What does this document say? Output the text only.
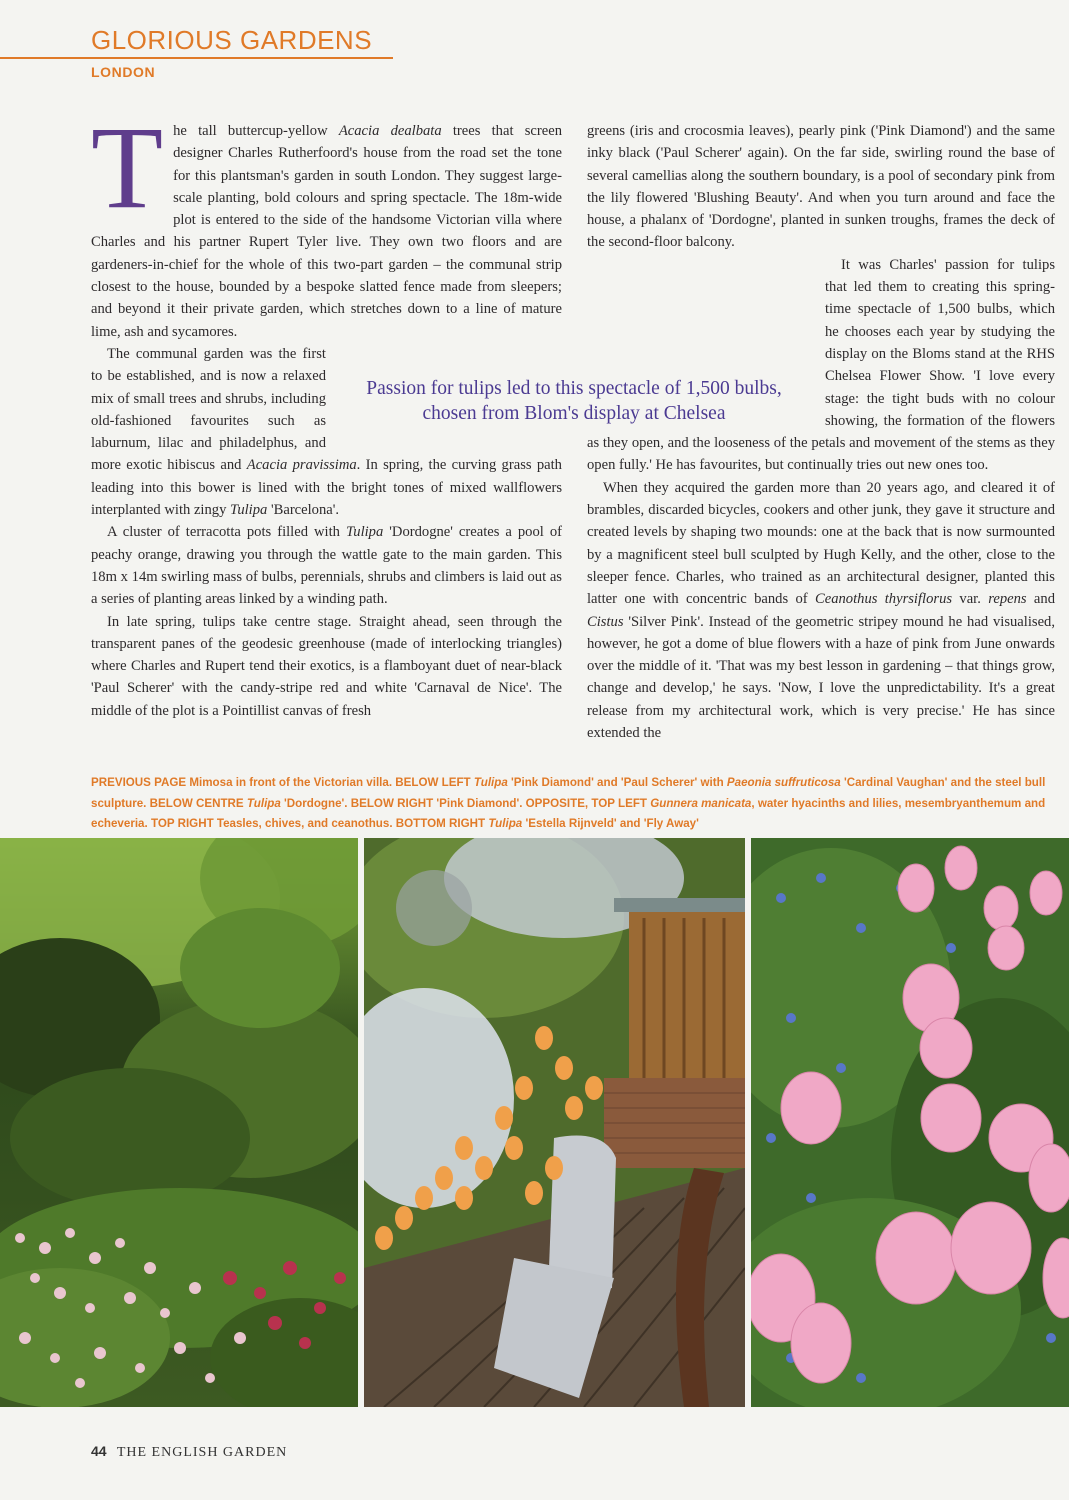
GLORIOUS GARDENS
LONDON

The tall buttercup-yellow Acacia dealbata trees that screen designer Charles Rutherfoord's house from the road set the tone for this plantsman's garden in south London. They suggest large-scale planting, bold colours and spring spectacle. The 18m-wide plot is entered to the side of the handsome Victorian villa where Charles and his partner Rupert Tyler live. They own two floors and are gardeners-in-chief for the whole of this two-part garden – the communal strip closest to the house, bounded by a bespoke slatted fence made from sleepers; and beyond it their private garden, which stretches down to a line of mature lime, ash and sycamores.

The communal garden was the first to be established, and is now a relaxed mix of small trees and shrubs, including old-fashioned favourites such as laburnum, lilac and philadelphus, and more exotic hibiscus and Acacia pravissima. In spring, the curving grass path leading into this bower is lined with the bright tones of mixed wallflowers interplanted with zingy Tulipa 'Barcelona'.

A cluster of terracotta pots filled with Tulipa 'Dordogne' creates a pool of peachy orange, drawing you through the wattle gate to the main garden. This 18m x 14m swirling mass of bulbs, perennials, shrubs and climbers is laid out as a series of planting areas linked by a winding path.

In late spring, tulips take centre stage. Straight ahead, seen through the transparent panes of the geodesic greenhouse (made of interlocking triangles) where Charles and Rupert tend their exotics, is a flamboyant duet of near-black 'Paul Scherer' with the candy-stripe red and white 'Carnaval de Nice'. The middle of the plot is a Pointillist canvas of fresh

greens (iris and crocosmia leaves), pearly pink ('Pink Diamond') and the same inky black ('Paul Scherer' again). On the far side, swirling round the base of several camellias along the southern boundary, is a pool of secondary pink from the lily flowered 'Blushing Beauty'. And when you turn around and face the house, a phalanx of 'Dordogne', planted in sunken troughs, frames the deck of the second-floor balcony.

It was Charles' passion for tulips that led them to creating this spring-time spectacle of 1,500 bulbs, which he chooses each year by studying the display on the Bloms stand at the RHS Chelsea Flower Show. 'I love every stage: the tight buds with no colour showing, the formation of the flowers as they open, and the looseness of the petals and movement of the stems as they open fully.' He has favourites, but continually tries out new ones too.

When they acquired the garden more than 20 years ago, and cleared it of brambles, discarded bicycles, cookers and other junk, they gave it structure and created levels by shaping two mounds: one at the back that is now surmounted by a magnificent steel bull sculpted by Hugh Kelly, and the other, close to the sleeper fence. Charles, who trained as an architectural designer, planted this latter one with concentric bands of Ceanothus thyrsiflorus var. repens and Cistus 'Silver Pink'. Instead of the geometric stripey mound he had visualised, however, he got a dome of blue flowers with a haze of pink from June onwards over the middle of it. 'That was my best lesson in gardening – that things grow, change and develop,' he says. 'Now, I love the unpredictability. It's a great release from my architectural work, which is very precise.' He has since extended the

Passion for tulips led to this spectacle of 1,500 bulbs, chosen from Blom's display at Chelsea
PREVIOUS PAGE Mimosa in front of the Victorian villa. BELOW LEFT Tulipa 'Pink Diamond' and 'Paul Scherer' with Paeonia suffruticosa 'Cardinal Vaughan' and the steel bull sculpture. BELOW CENTRE Tulipa 'Dordogne'. BELOW RIGHT 'Pink Diamond'. OPPOSITE, TOP LEFT Gunnera manicata, water hyacinths and lilies, mesembryanthemum and echeveria. TOP RIGHT Teasles, chives, and ceanothus. BOTTOM RIGHT Tulipa 'Estella Rijnveld' and 'Fly Away'
44 THE ENGLISH GARDEN
